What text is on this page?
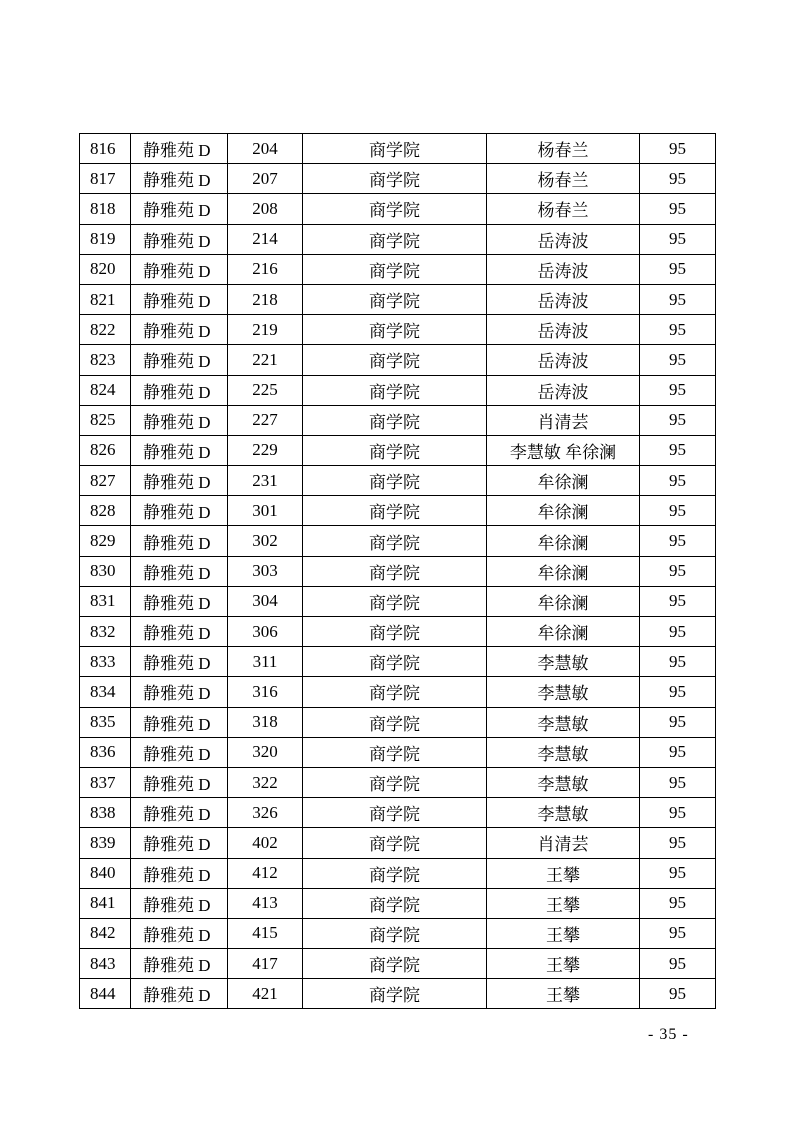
816	静雅苑 D	204	商学院	杨春兰	95
817	静雅苑 D	207	商学院	杨春兰	95
818	静雅苑 D	208	商学院	杨春兰	95
819	静雅苑 D	214	商学院	岳涛波	95
820	静雅苑 D	216	商学院	岳涛波	95
821	静雅苑 D	218	商学院	岳涛波	95
822	静雅苑 D	219	商学院	岳涛波	95
823	静雅苑 D	221	商学院	岳涛波	95
824	静雅苑 D	225	商学院	岳涛波	95
825	静雅苑 D	227	商学院	肖清芸	95
826	静雅苑 D	229	商学院	李慧敏 牟徐澜	95
827	静雅苑 D	231	商学院	牟徐澜	95
828	静雅苑 D	301	商学院	牟徐澜	95
829	静雅苑 D	302	商学院	牟徐澜	95
830	静雅苑 D	303	商学院	牟徐澜	95
831	静雅苑 D	304	商学院	牟徐澜	95
832	静雅苑 D	306	商学院	牟徐澜	95
833	静雅苑 D	311	商学院	李慧敏	95
834	静雅苑 D	316	商学院	李慧敏	95
835	静雅苑 D	318	商学院	李慧敏	95
836	静雅苑 D	320	商学院	李慧敏	95
837	静雅苑 D	322	商学院	李慧敏	95
838	静雅苑 D	326	商学院	李慧敏	95
839	静雅苑 D	402	商学院	肖清芸	95
840	静雅苑 D	412	商学院	王攀	95
841	静雅苑 D	413	商学院	王攀	95
842	静雅苑 D	415	商学院	王攀	95
843	静雅苑 D	417	商学院	王攀	95
844	静雅苑 D	421	商学院	王攀	95
- 35 -
